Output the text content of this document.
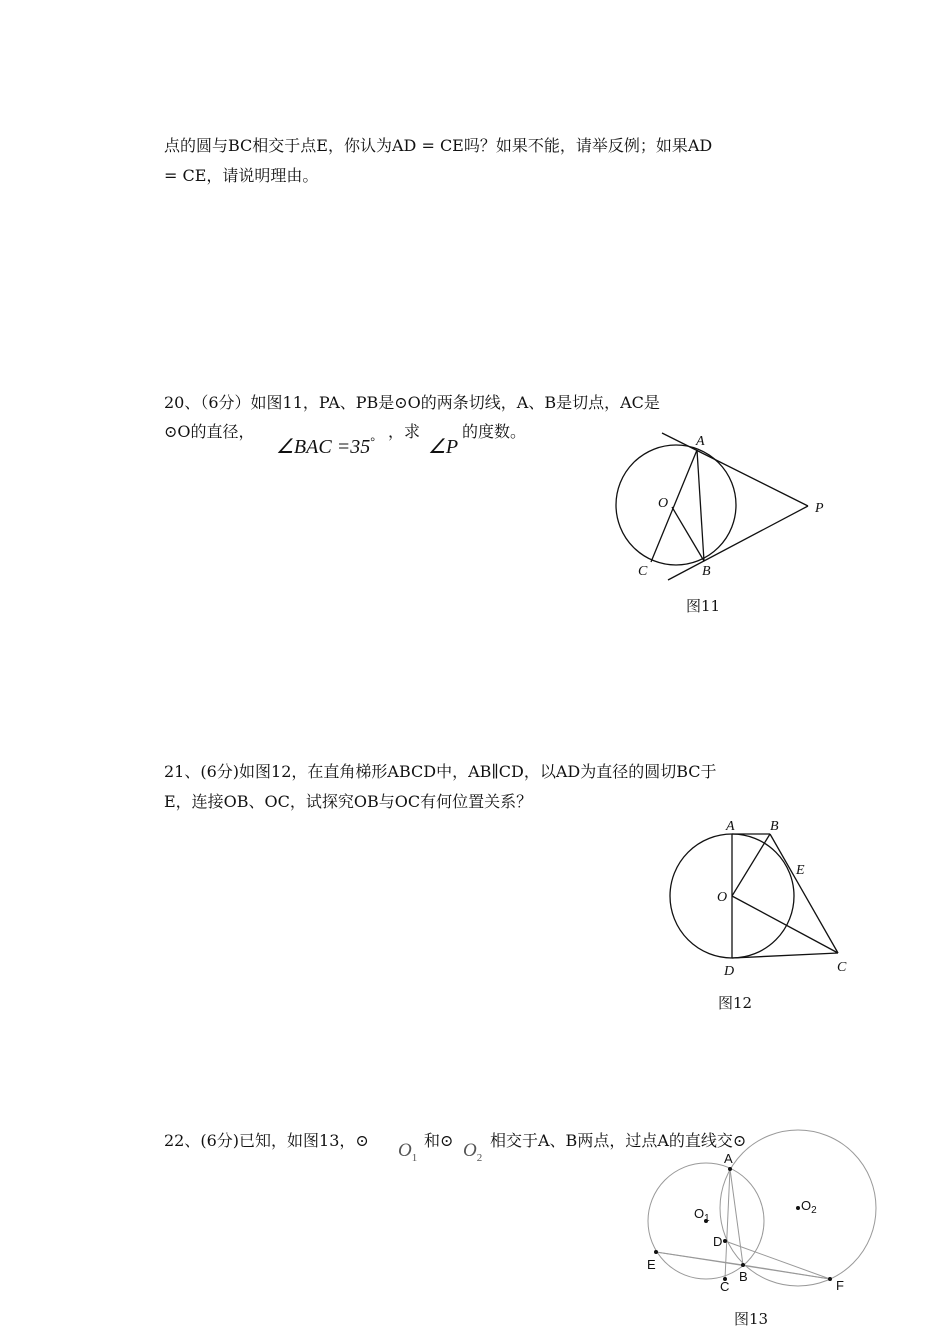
点的圆与BC相交于点E，你认为AD = CE吗？如果不能，请举反例；如果AD
= CE，请说明理由。
20、（6分）如图11，PA、PB是⊙O的两条切线，A、B是切点，AC是
⊙O的直径，
∠BAC =35°
，求
∠P
的度数。
A
O	P
C	B
图11
21、(6分)如图12，在直角梯形ABCD中，AB∥CD，以AD为直径的圆切BC于
E，连接OB、OC，试探究OB与OC有何位置关系？
A	B
E
O
D	C
图12
22、(6分)已知，如图13，⊙ $O_1$
和⊙ $O_2$
相交于A、B两点，过点A的直线交⊙
A
$O_1$
$O_2$
D
E
C
B
F
图13
